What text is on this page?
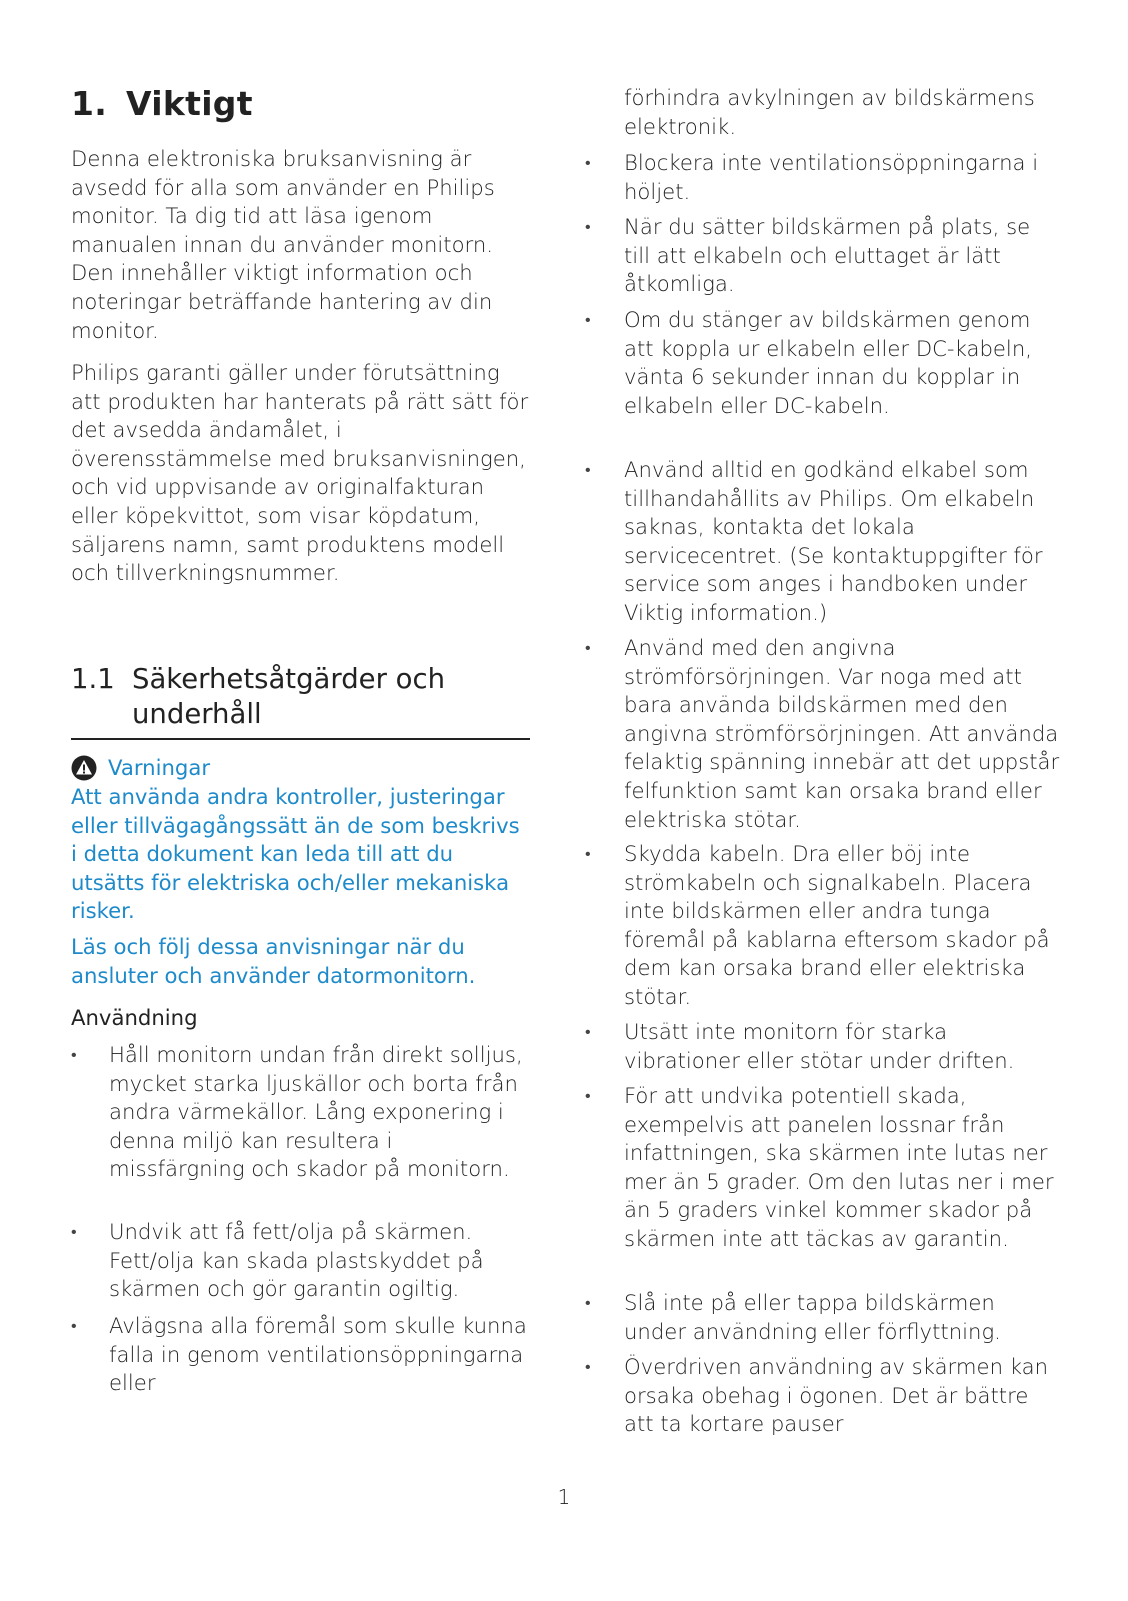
1. Viktigt

Denna elektroniska bruksanvisning är avsedd för alla som använder en Philips monitor. Ta dig tid att läsa igenom manualen innan du använder monitorn. Den innehåller viktigt information och noteringar beträffande hantering av din monitor.

Philips garanti gäller under förutsättning att produkten har hanterats på rätt sätt för det avsedda ändamålet, i överensstämmelse med bruksanvisningen, och vid uppvisande av originalfakturan eller köpekvittot, som visar köpdatum, säljarens namn, samt produktens modell och tillverkningsnummer.

1.1 Säkerhetsåtgärder och underhåll
Varningar

Att använda andra kontroller, justeringar eller tillvägagångssätt än de som beskrivs i detta dokument kan leda till att du utsätts för elektriska och/eller mekaniska risker.

Läs och följ dessa anvisningar när du ansluter och använder datormonitorn.

Användning

• Håll monitorn undan från direkt solljus, mycket starka ljuskällor och borta från andra värmekällor. Lång exponering i denna miljö kan resultera i missfärgning och skador på monitorn.
• Undvik att få fett/olja på skärmen. Fett/olja kan skada plastskyddet på skärmen och gör garantin ogiltig.
• Avlägsna alla föremål som skulle kunna falla in genom ventilationsöppningarna eller

förhindra avkylningen av bildskärmens elektronik.

• Blockera inte ventilationsöppningarna i höljet.
• När du sätter bildskärmen på plats, se till att elkabeln och eluttaget är lätt åtkomliga.
• Om du stänger av bildskärmen genom att koppla ur elkabeln eller DC-kabeln, vänta 6 sekunder innan du kopplar in elkabeln eller DC-kabeln.
• Använd alltid en godkänd elkabel som tillhandahållits av Philips. Om elkabeln saknas, kontakta det lokala servicecentret. (Se kontaktuppgifter för service som anges i handboken under Viktig information.)
• Använd med den angivna strömförsörjningen. Var noga med att bara använda bildskärmen med den angivna strömförsörjningen. Att använda felaktig spänning innebär att det uppstår felfunktion samt kan orsaka brand eller elektriska stötar.
• Skydda kabeln. Dra eller böj inte strömkabeln och signalkabeln. Placera inte bildskärmen eller andra tunga föremål på kablarna eftersom skador på dem kan orsaka brand eller elektriska stötar.
• Utsätt inte monitorn för starka vibrationer eller stötar under driften.
• För att undvika potentiell skada, exempelvis att panelen lossnar från infattningen, ska skärmen inte lutas ner mer än 5 grader. Om den lutas ner i mer än 5 graders vinkel kommer skador på skärmen inte att täckas av garantin.
• Slå inte på eller tappa bildskärmen under användning eller förflyttning.
• Överdriven användning av skärmen kan orsaka obehag i ögonen. Det är bättre att ta kortare pauser
1
